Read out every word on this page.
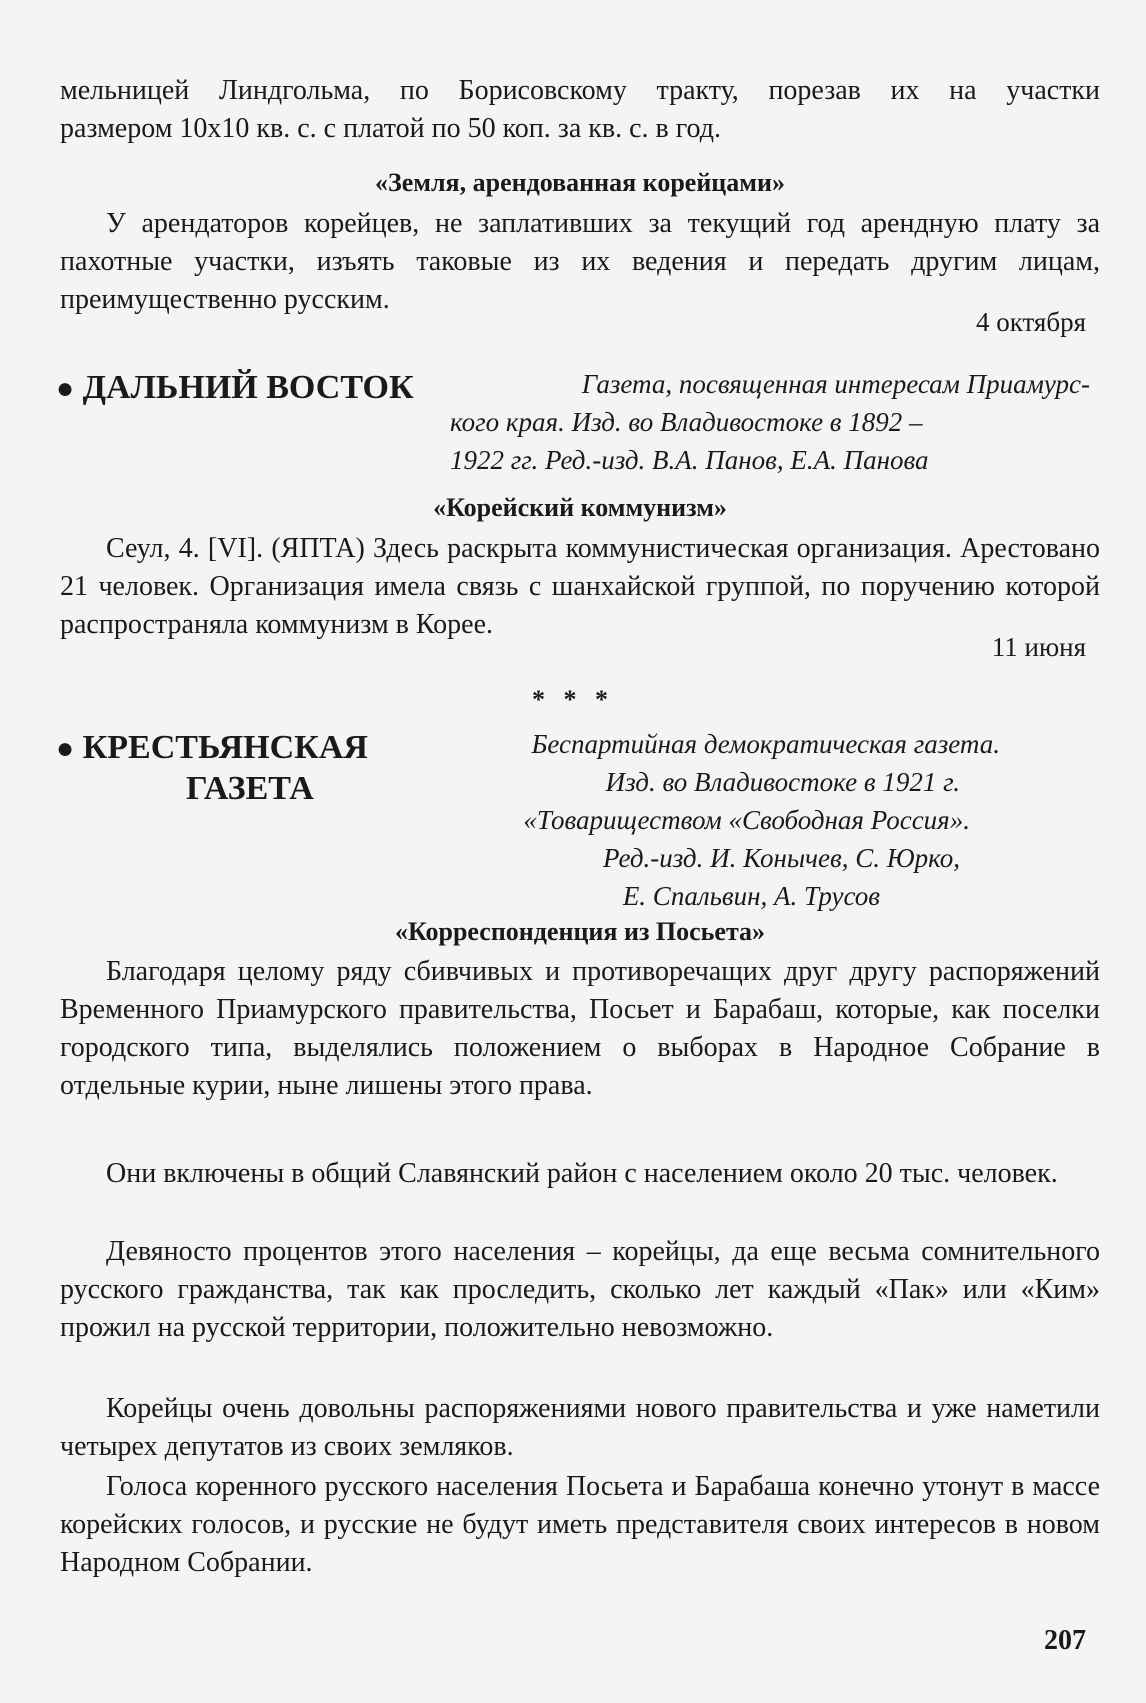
мельницей Линдгольма, по Борисовскому тракту, порезав их на участки
размером 10х10 кв. с. с платой по 50 коп. за кв. с. в год.
«Земля, арендованная корейцами»
У арендаторов корейцев, не заплативших за текущий год арендную плату за пахотные участки, изъять таковые из их ведения и передать другим лицам, преимущественно русским.
4 октября
● ДАЛЬНИЙ ВОСТОК	Газета, посвященная интересам Приамурс-
кого края. Изд. во Владивостоке в 1892 –
1922 гг. Ред.-изд. В.А. Панов, Е.А. Панова
«Корейский коммунизм»
Сеул, 4. [VI]. (ЯПТА) Здесь раскрыта коммунистическая организация. Арестовано 21 человек. Организация имела связь с шанхайской группой, по поручению которой распространяла коммунизм в Корее.
11 июня
* * *
● КРЕСТЬЯНСКАЯ
ГАЗЕТА
Беспартийная демократическая газета.
Изд. во Владивостоке в 1921 г.
«Товариществом «Свободная Россия».
Ред.-изд. И. Конычев, С. Юрко,
Е. Спальвин, А. Трусов
«Корреспонденция из Посьета»
Благодаря целому ряду сбивчивых и противоречащих друг другу распоряжений Временного Приамурского правительства, Посьет и Барабаш, которые, как поселки городского типа, выделялись положением о выборах в Народное Собрание в отдельные курии, ныне лишены этого права.
Они включены в общий Славянский район с населением около 20 тыс. человек.
Девяносто процентов этого населения – корейцы, да еще весьма сомнительного русского гражданства, так как проследить, сколько лет каждый «Пак» или «Ким» прожил на русской территории, положительно невозможно.
Корейцы очень довольны распоряжениями нового правительства и уже наметили четырех депутатов из своих земляков.
Голоса коренного русского населения Посьета и Барабаша конечно утонут в массе корейских голосов, и русские не будут иметь представителя своих интересов в новом Народном Собрании.
207
